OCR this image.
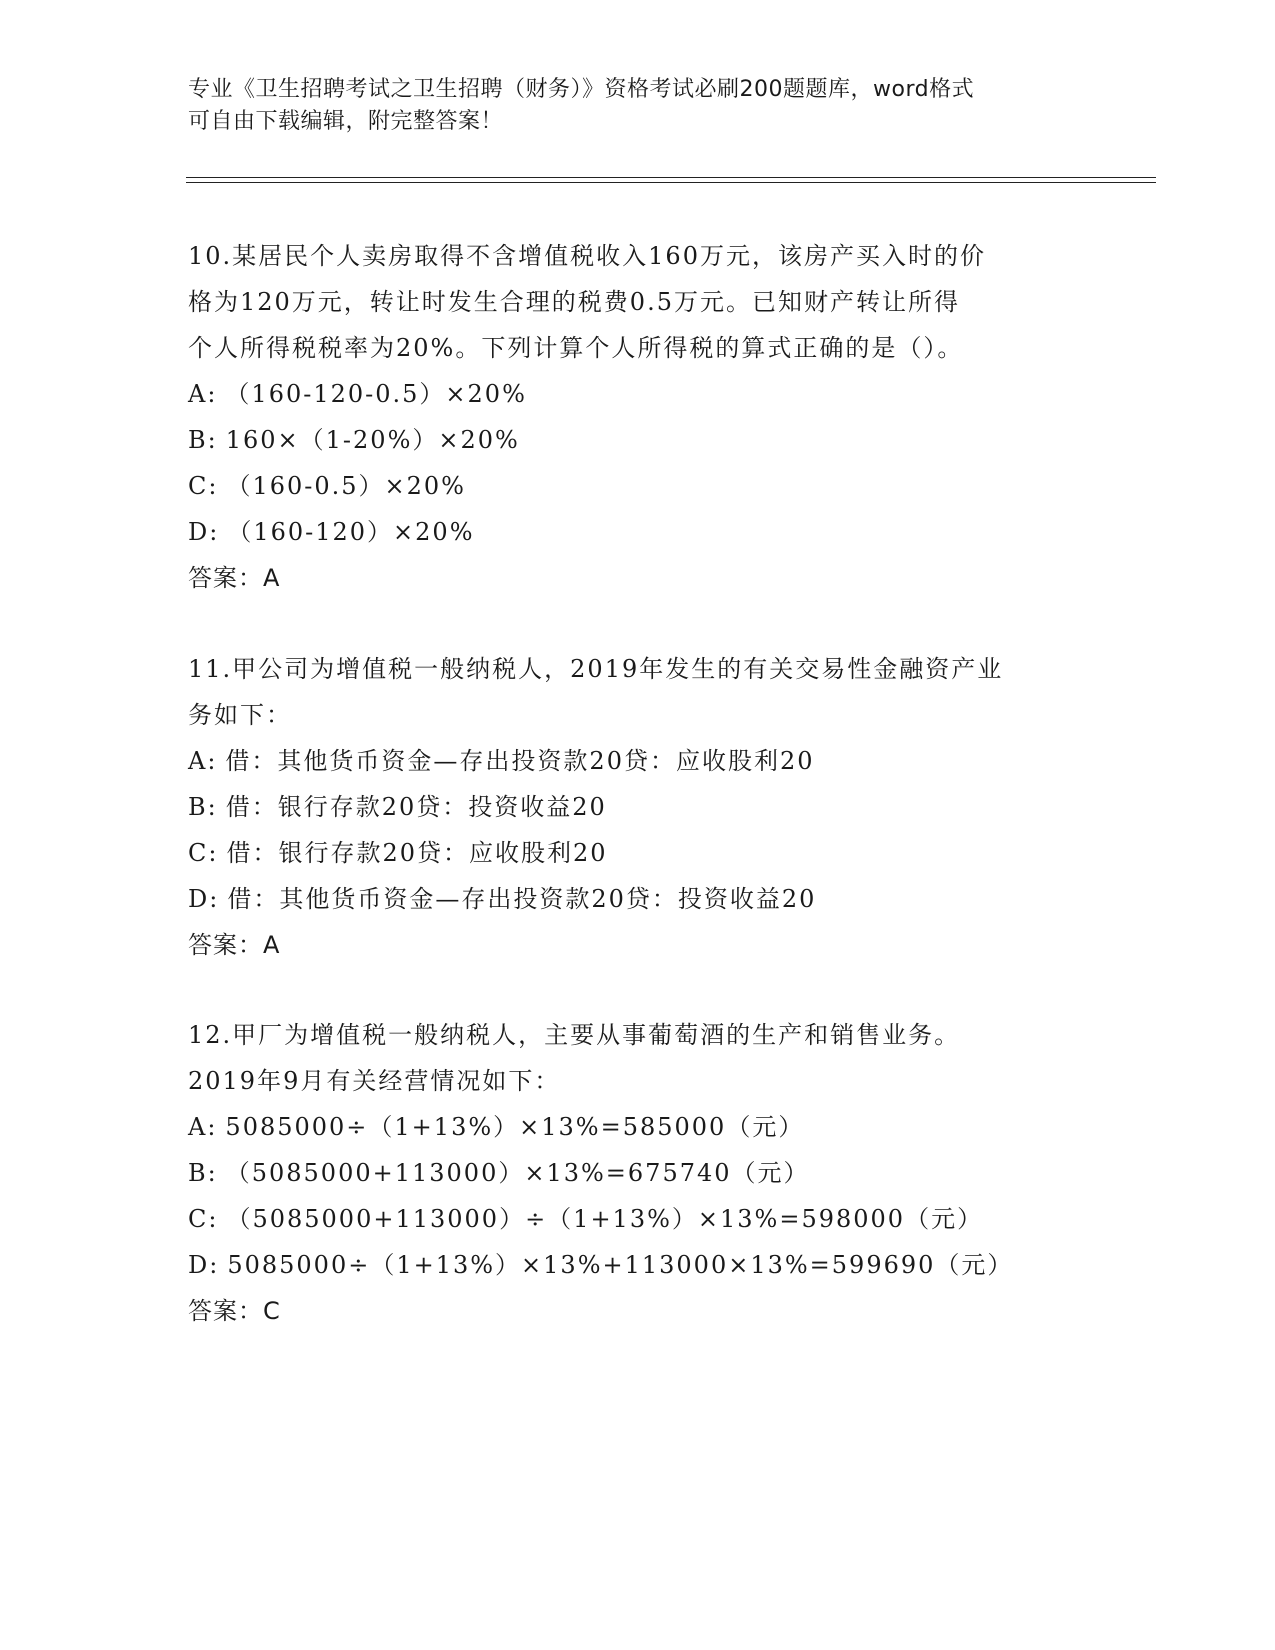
专业《卫生招聘考试之卫生招聘（财务）》资格考试必刷200题题库，word格式
可自由下载编辑，附完整答案！
10.某居民个人卖房取得不含增值税收入160万元，该房产买入时的价
格为120万元，转让时发生合理的税费0.5万元。已知财产转让所得
个人所得税税率为20%。下列计算个人所得税的算式正确的是（）。
A: （160-120-0.5）×20%
B: 160×（1-20%）×20%
C: （160-0.5）×20%
D: （160-120）×20%
答案：A
11.甲公司为增值税一般纳税人，2019年发生的有关交易性金融资产业
务如下：
A: 借：其他货币资金—存出投资款20贷：应收股利20
B: 借：银行存款20贷：投资收益20
C: 借：银行存款20贷：应收股利20
D: 借：其他货币资金—存出投资款20贷：投资收益20
答案：A
12.甲厂为增值税一般纳税人，主要从事葡萄酒的生产和销售业务。
2019年9月有关经营情况如下：
A: 5085000÷（1+13%）×13%=585000（元）
B: （5085000+113000）×13%=675740（元）
C: （5085000+113000）÷（1+13%）×13%=598000（元）
D: 5085000÷（1+13%）×13%+113000×13%=599690（元）
答案：C
